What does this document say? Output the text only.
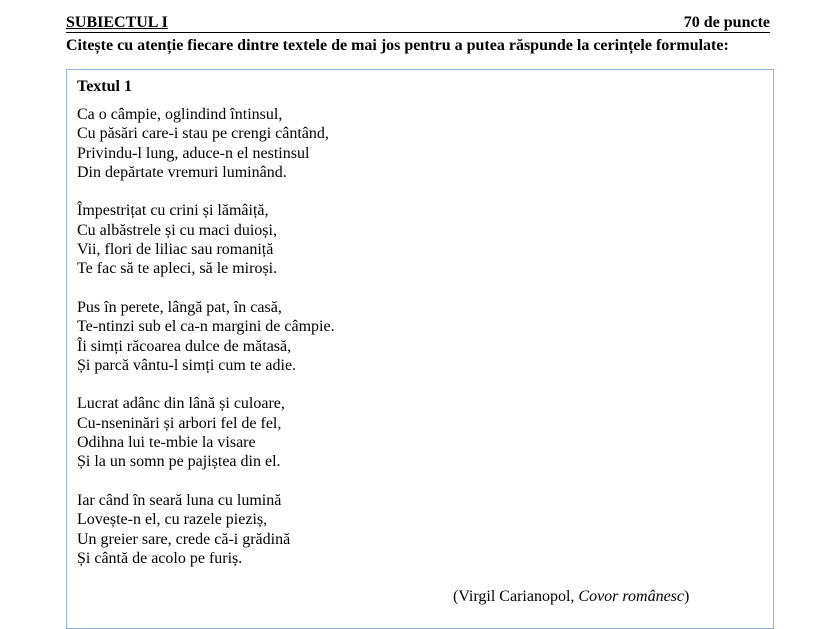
SUBIECTUL I	70 de puncte
Citește cu atenție fiecare dintre textele de mai jos pentru a putea răspunde la cerințele formulate:
Textul 1
Ca o câmpie, oglindind întinsul,
Cu păsări care-i stau pe crengi cântând,
Privindu-l lung, aduce-n el nestinsul
Din depărtate vremuri luminând.
Împestrițat cu crini și lămâiță,
Cu albăstrele și cu maci duioși,
Vii, flori de liliac sau romaniță
Te fac să te apleci, să le miroși.
Pus în perete, lângă pat, în casă,
Te-ntinzi sub el ca-n margini de câmpie.
Îi simți răcoarea dulce de mătasă,
Și parcă vântu-l simți cum te adie.
Lucrat adânc din lână și culoare,
Cu-nseninări și arbori fel de fel,
Odihna lui te-mbie la visare
Și la un somn pe pajiștea din el.
Iar când în seară luna cu lumină
Lovește-n el, cu razele pieziș,
Un greier sare, crede că-i grădină
Și cântă de acolo pe furiș.
(Virgil Carianopol, Covor românesc)
